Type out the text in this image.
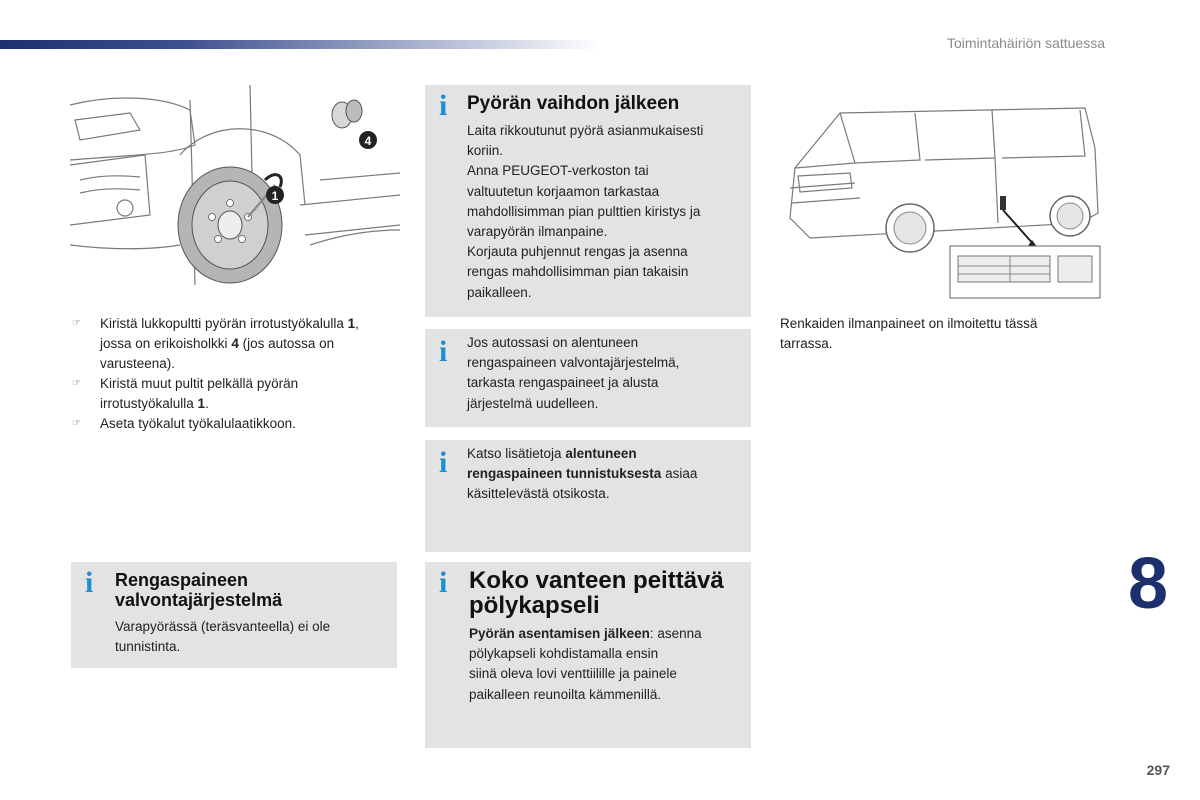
Toimintahäiriön sattuessa
1
4
☞ Kiristä lukkopultti pyörän irrotustyökalulla 1, jossa on erikoisholkki 4 (jos autossa on varusteena).
☞ Kiristä muut pultit pelkällä pyörän irrotustyökalulla 1.
☞ Aseta työkalut työkalulaatikkoon.
i Pyörän vaihdon jälkeen
Laita rikkoutunut pyörä asianmukaisesti
koriin.
Anna PEUGEOT-verkoston tai
valtuutetun korjaamon tarkastaa
mahdollisimman pian pulttien kiristys ja
varapyörän ilmanpaine.
Korjauta puhjennut rengas ja asenna
rengas mahdollisimman pian takaisin
paikalleen.
i Jos autossasi on alentuneen
rengaspaineen valvontajärjestelmä,
tarkasta rengaspaineet ja alusta
järjestelmä uudelleen.
i Katso lisätietoja alentuneen
rengaspaineen tunnistuksesta asiaa
käsittelevästä otsikosta.
i Rengaspaineen
valvontajärjestelmä
Varapyörässä (teräsvanteella) ei ole
tunnistinta.
i Koko vanteen peittävä
pölykapseli
Pyörän asentamisen jälkeen: asenna
pölykapseli kohdistamalla ensin
siinä oleva lovi venttiilille ja painele
paikalleen reunoilta kämmenillä.
Renkaiden ilmanpaineet on ilmoitettu tässä
tarrassa.
8
297
